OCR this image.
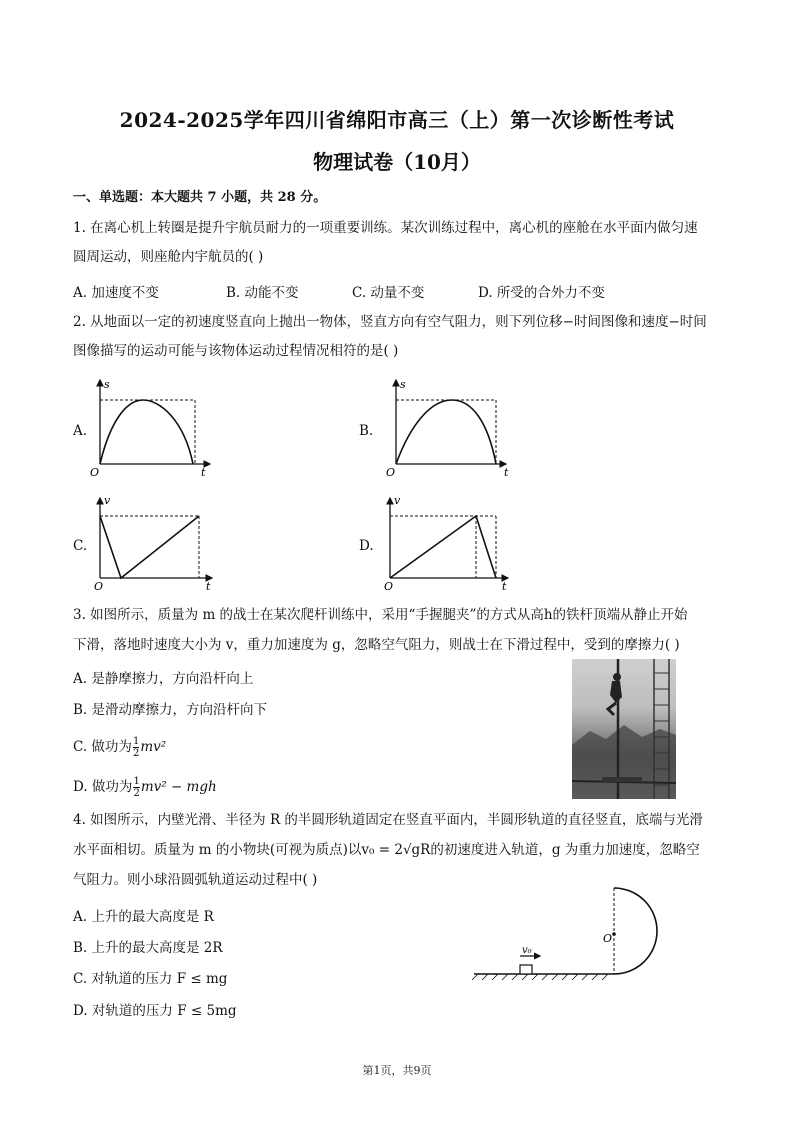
2024-2025学年四川省绵阳市高三（上）第一次诊断性考试
物理试卷（10月）
一、单选题：本大题共 7 小题，共 28 分。
1. 在离心机上转圈是提升宇航员耐力的一项重要训练。某次训练过程中，离心机的座舱在水平面内做匀速
圆周运动，则座舱内宇航员的( )
A. 加速度不变	B. 动能不变	C. 动量不变	D. 所受的合外力不变
2. 从地面以一定的初速度竖直向上抛出一物体，竖直方向有空气阻力，则下列位移−时间图像和速度−时间
图像描写的运动可能与该物体运动过程情况相符的是( )
A.	B.
C.	D.
s
t
O
s
t
O
v
t
O
v
t
O
3. 如图所示，质量为 m 的战士在某次爬杆训练中，采用“手握腿夹”的方式从高h的铁杆顶端从静止开始
下滑，落地时速度大小为 v，重力加速度为 g，忽略空气阻力，则战士在下滑过程中，受到的摩擦力( )
A. 是静摩擦力，方向沿杆向上
B. 是滑动摩擦力，方向沿杆向下
C. 做功为 $\frac{1}{2} mv^2$
D. 做功为 $\frac{1}{2} mv^2$ − mgh
4. 如图所示，内壁光滑、半径为 R 的半圆形轨道固定在竖直平面内，半圆形轨道的直径竖直，底端与光滑
水平面相切。质量为 m 的小物块(可视为质点)以v₀ = 2√gR的初速度进入轨道，g 为重力加速度，忽略空
气阻力。则小球沿圆弧轨道运动过程中( )
A. 上升的最大高度是 R
B. 上升的最大高度是 2R
C. 对轨道的压力 F ≤ mg
D. 对轨道的压力 F ≤ 5mg
v₀
O
第1页，共9页
